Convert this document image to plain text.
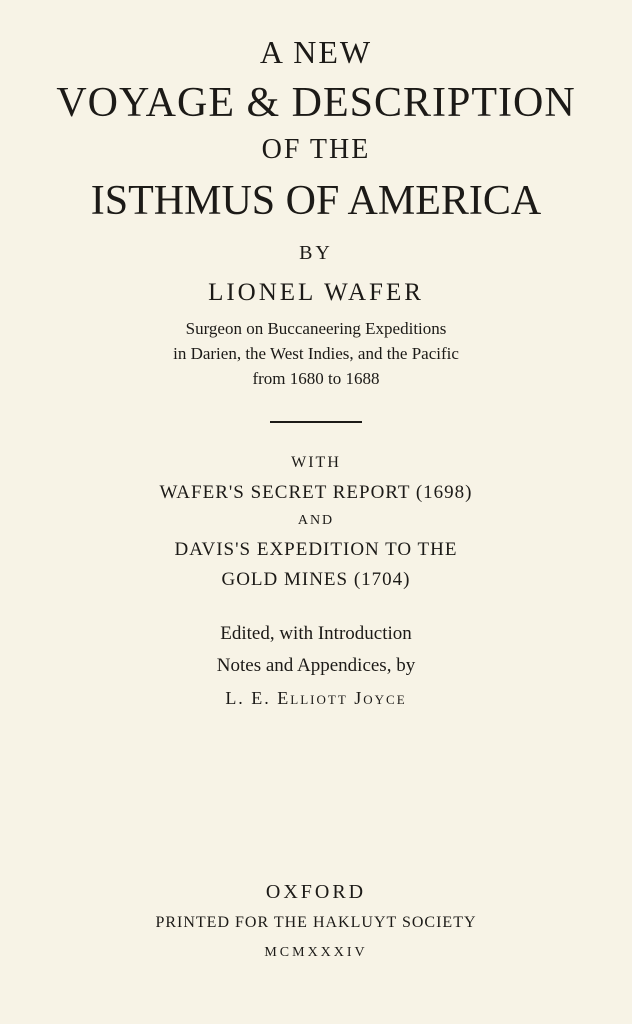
A NEW
VOYAGE & DESCRIPTION
OF THE
ISTHMUS OF AMERICA
BY
LIONEL WAFER
Surgeon on Buccaneering Expeditions
in Darien, the West Indies, and the Pacific
from 1680 to 1688
WITH
WAFER'S SECRET REPORT (1698)
AND
DAVIS'S EXPEDITION TO THE
GOLD MINES (1704)
Edited, with Introduction
Notes and Appendices, by
L. E. Elliott Joyce
OXFORD
PRINTED FOR THE HAKLUYT SOCIETY
MCMXXXIV
